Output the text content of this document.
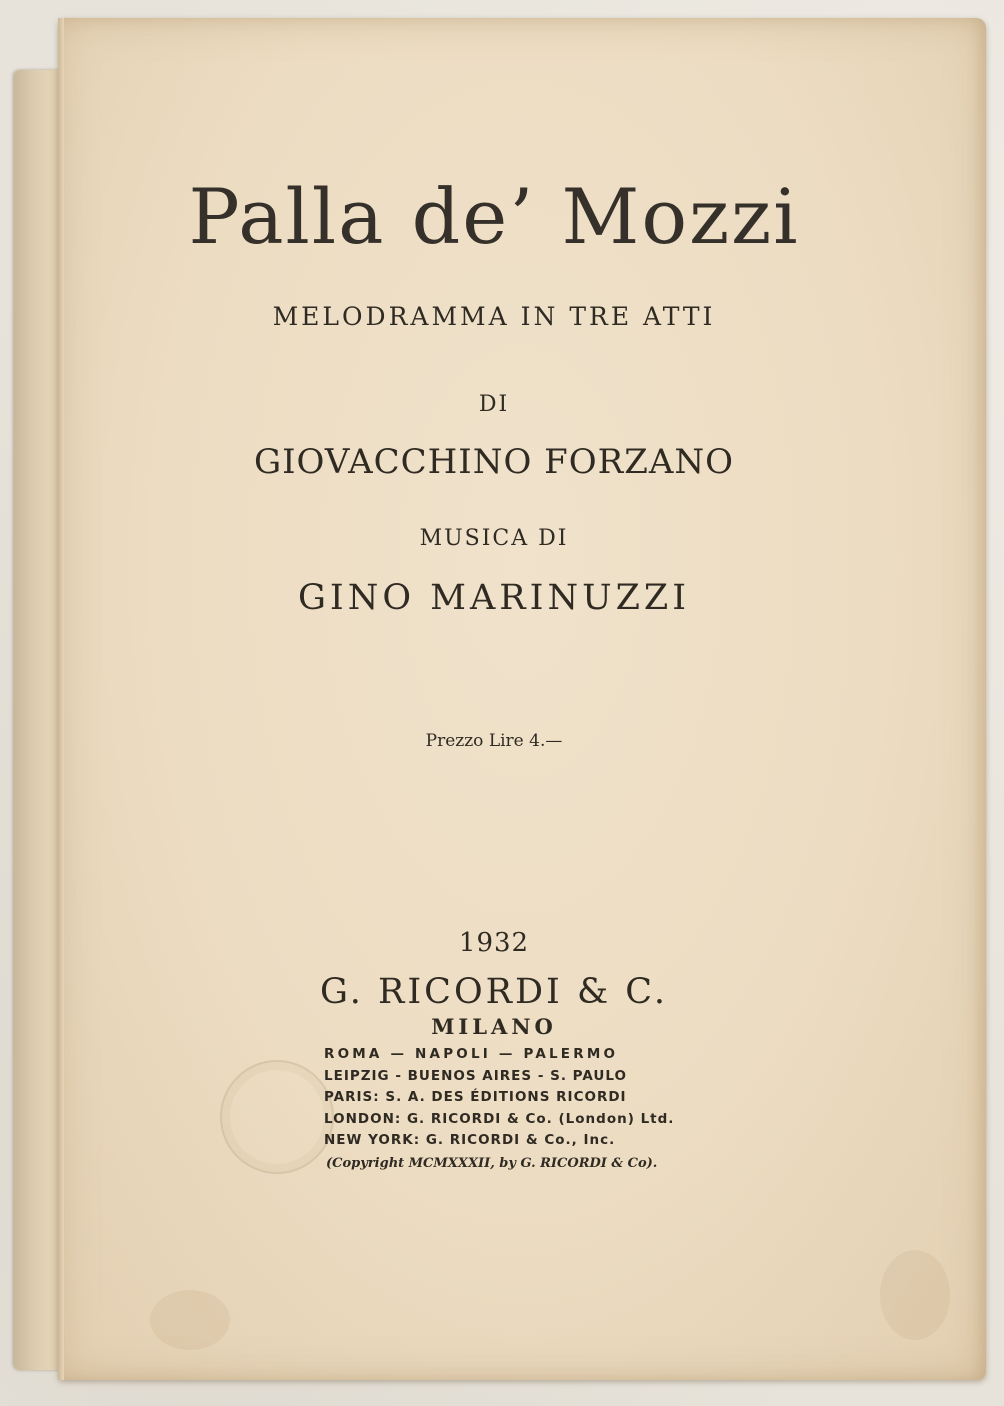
Palla de’ Mozzi
MELODRAMMA IN TRE ATTI
DI
GIOVACCHINO FORZANO
MUSICA DI
GINO MARINUZZI
Prezzo Lire 4.—
1932
G. RICORDI & C.
MILANO
ROMA — NAPOLI — PALERMO
LEIPZIG - BUENOS AIRES - S. PAULO
PARIS: S. A. DES ÉDITIONS RICORDI
LONDON: G. RICORDI & Co. (London) Ltd.
NEW YORK: G. RICORDI & Co., Inc.
(Copyright MCMXXXII, by G. RICORDI & Co).
